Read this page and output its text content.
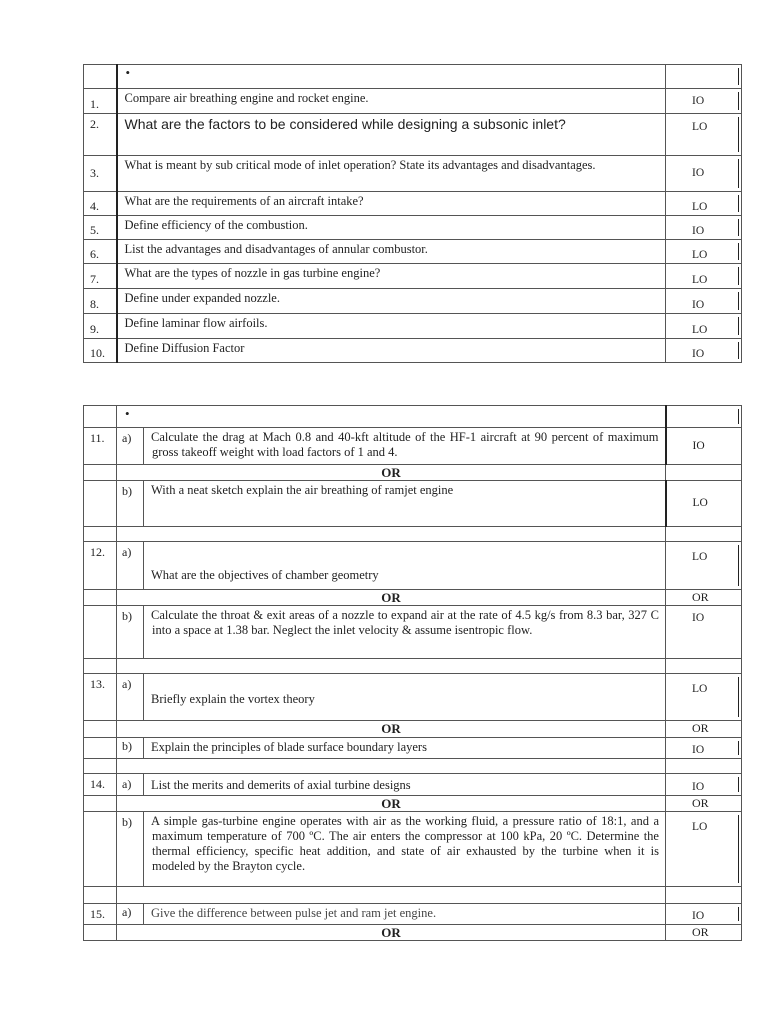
	•	
1.	Compare air breathing engine and rocket engine.	IO
2.	What are the factors to be considered while designing a subsonic inlet?	LO
3.	What is meant by sub critical mode of inlet operation? State its advantages and disadvantages.	IO
4.	What are the requirements of an aircraft intake?	LO
5.	Define efficiency of the combustion.	IO
6.	List the advantages and disadvantages of annular combustor.	LO
7.	What are the types of nozzle in gas turbine engine?	LO
8.	Define under expanded nozzle.	IO
9.	Define laminar flow airfoils.	LO
10.	Define Diffusion Factor	IO
	•		
11.	a)	Calculate the drag at Mach 0.8 and 40-kft altitude of the HF-1 aircraft at 90 percent of maximum gross takeoff weight with load factors of 1 and 4.	IO
	OR		
	b)	With a neat sketch explain the air breathing of ramjet engine	LO

12.	a)	What are the objectives of chamber geometry	LO
	OR		OR
	b)	Calculate the throat & exit areas of a nozzle to expand air at the rate of 4.5 kg/s from 8.3 bar, 327 C into a space at 1.38 bar. Neglect the inlet velocity & assume isentropic flow.	IO

13.	a)	Briefly explain the vortex theory	LO
	OR		OR
	b)	Explain the principles of blade surface boundary layers	IO

14.	a)	List the merits and demerits of axial turbine designs	IO
	OR		OR
	b)	A simple gas-turbine engine operates with air as the working fluid, a pressure ratio of 18:1, and a maximum temperature of 700 ºC. The air enters the compressor at 100 kPa, 20 ºC. Determine the thermal efficiency, specific heat addition, and state of air exhausted by the turbine when it is modeled by the Brayton cycle.	LO

15.	a)	Give the difference between pulse jet and ram jet engine.	IO
	OR		OR
